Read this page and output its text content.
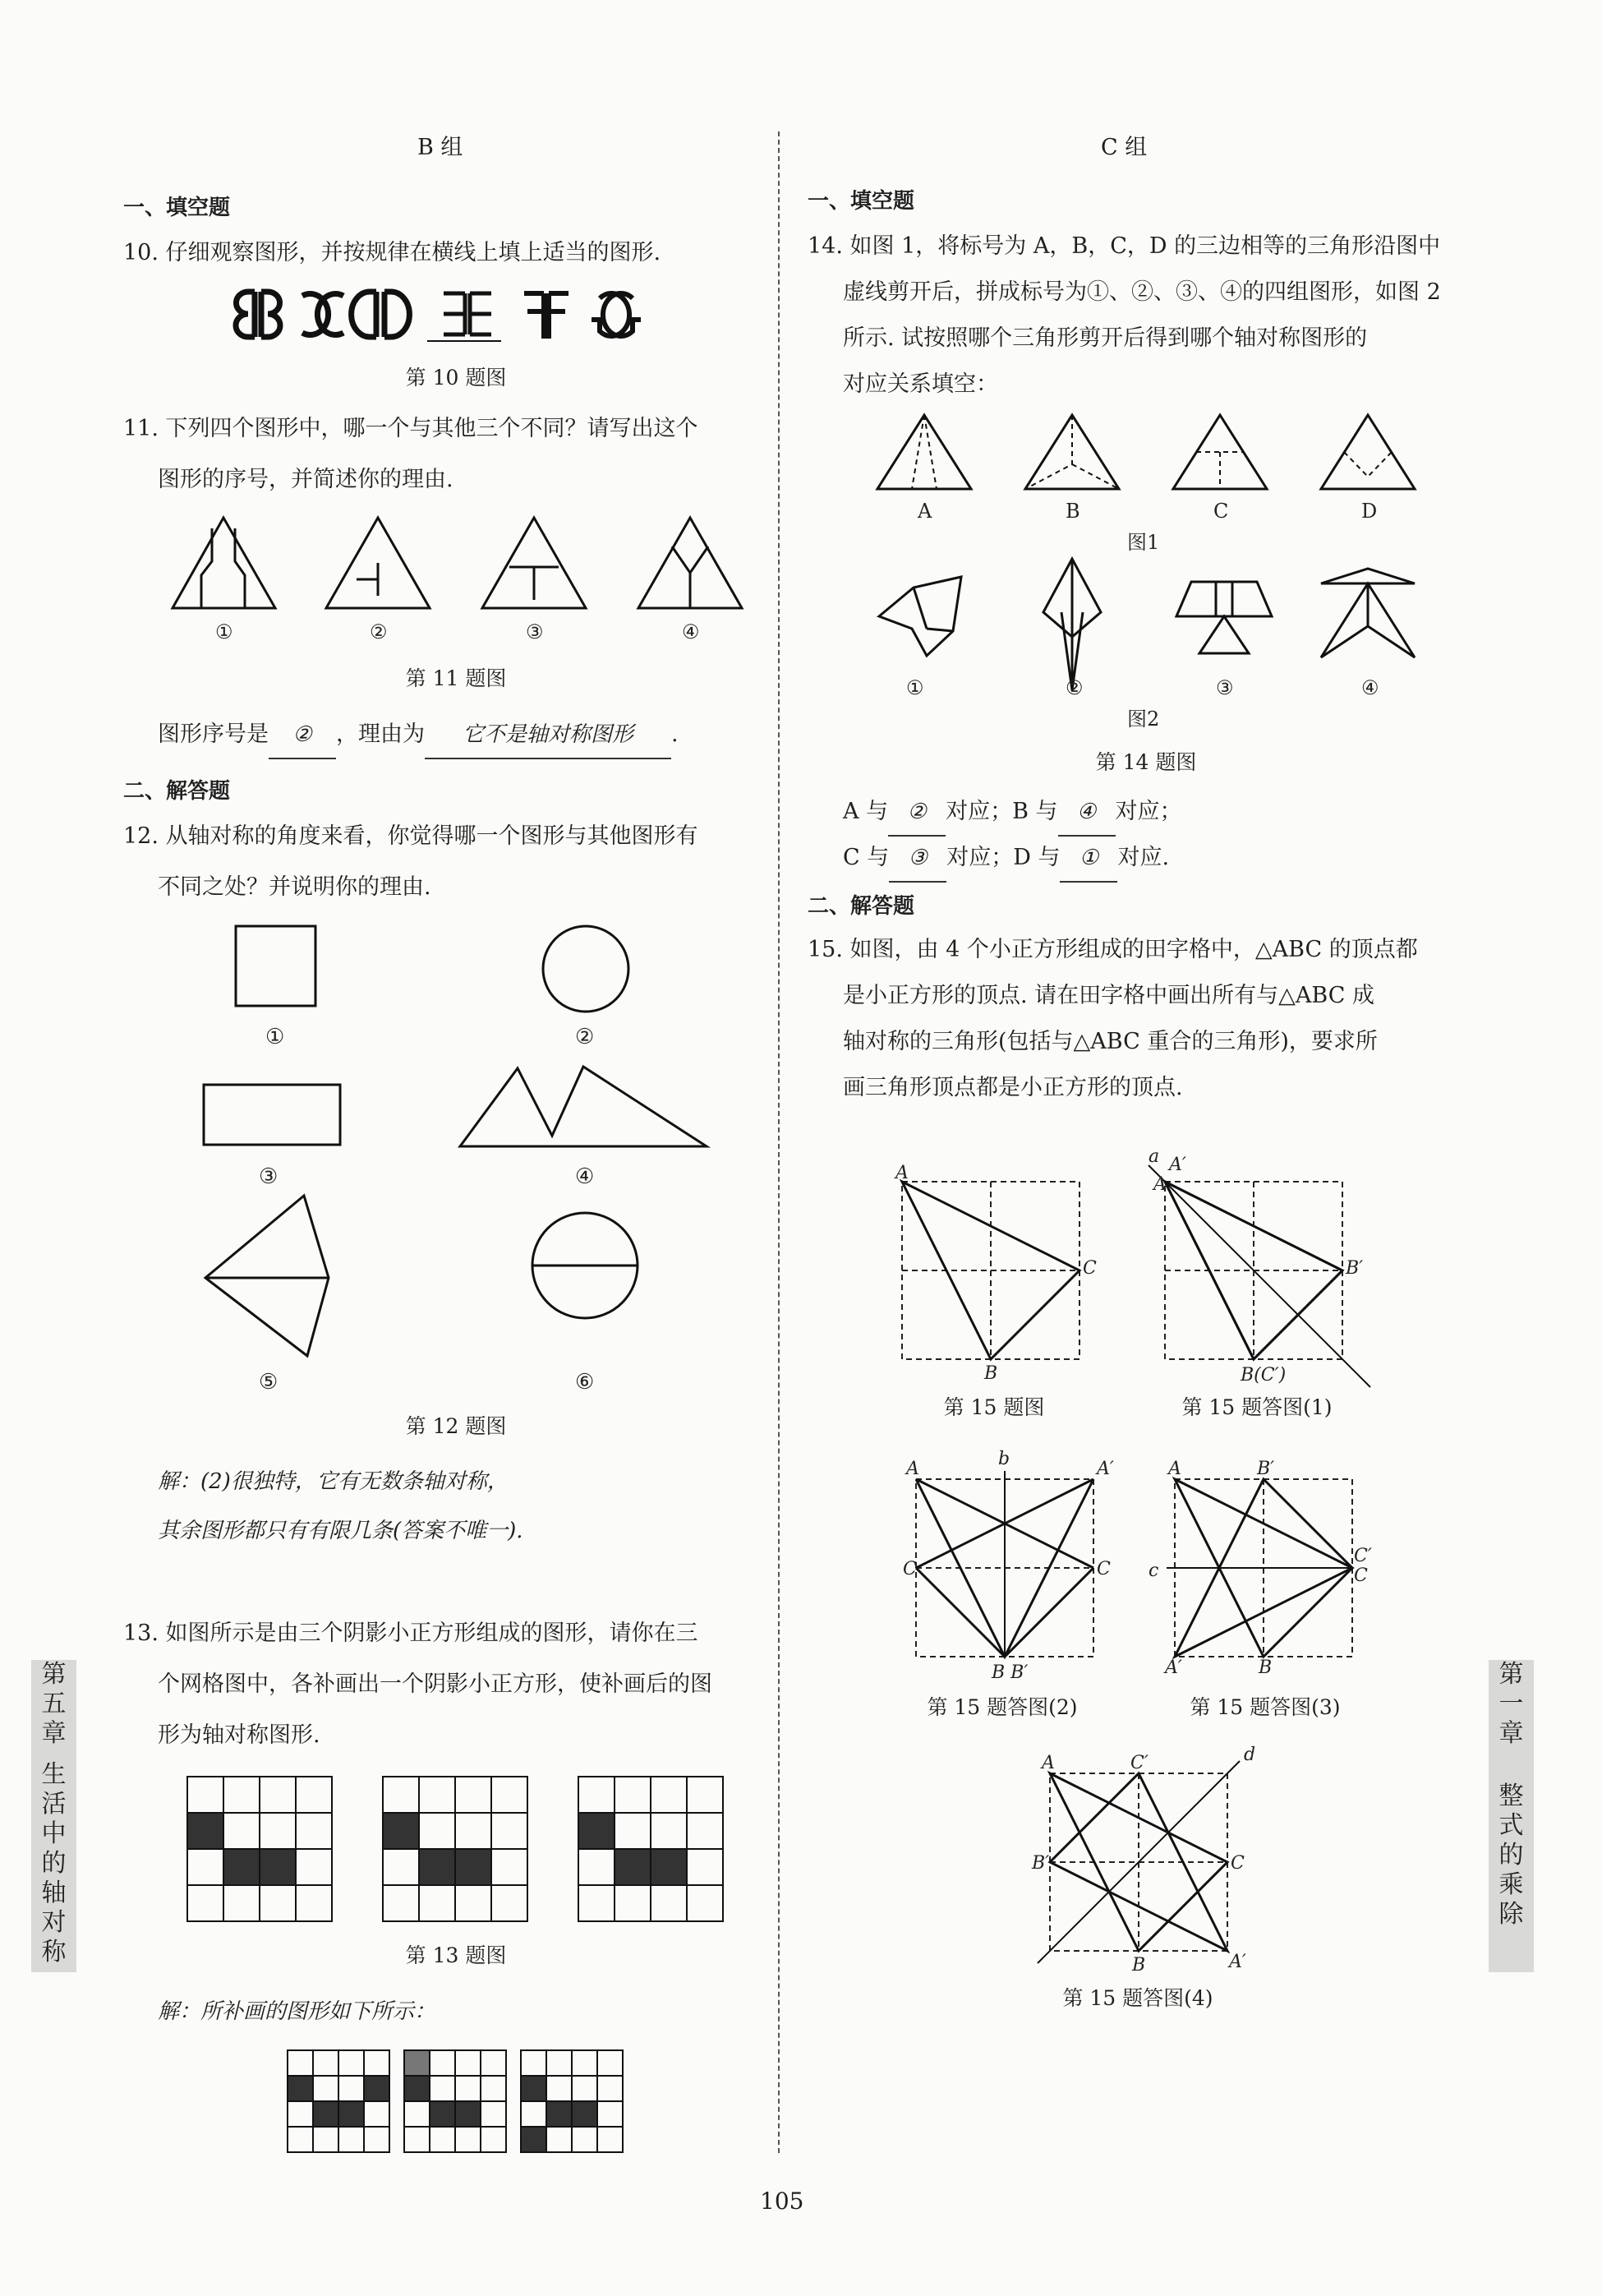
B 组
一、填空题
10. 仔细观察图形，并按规律在横线上填上适当的图形.
第 10 题图
11. 下列四个图形中，哪一个与其他三个不同？请写出这个
图形的序号，并简述你的理由.
①	②	③	④
第 11 题图
图形序号是 ② ，理由为 它不是轴对称图形 .
二、解答题
12. 从轴对称的角度来看，你觉得哪一个图形与其他图形有
不同之处？并说明你的理由.
①	②
③	④
⑤	⑥
第 12 题图
解：(2)很独特，它有无数条轴对称，
其余图形都只有有限几条(答案不唯一).
13. 如图所示是由三个阴影小正方形组成的图形，请你在三
个网格图中，各补画出一个阴影小正方形，使补画后的图
形为轴对称图形.
第 13 题图
解：所补画的图形如下所示：
C 组
一、填空题
14. 如图 1，将标号为 A，B，C，D 的三边相等的三角形沿图中
虚线剪开后，拼成标号为①、②、③、④的四组图形，如图 2
所示. 试按照哪个三角形剪开后得到哪个轴对称图形的
对应关系填空：
A	B	C	D
图1
①	②	③	④
图2
第 14 题图
A 与 ② 对应；B 与 ④ 对应；
C 与 ③ 对应；D 与 ① 对应.
二、解答题
15. 如图，由 4 个小正方形组成的田字格中，△ABC 的顶点都
是小正方形的顶点. 请在田字格中画出所有与△ABC 成
轴对称的三角形(包括与△ABC 重合的三角形)，要求所
画三角形顶点都是小正方形的顶点.
A
C
B
a A′
A
B′
B(C′)
b
A	A′
C	C
B B′
A	B′
c
C′
C
A′	B
A	C′	d
B′	C
B	A′
第 15 题图	第 15 题答图(1)
第 15 题答图(2)	第 15 题答图(3)
第 15 题答图(4)
第
五
章
生
活
中
的
轴
对
称
第
一
章
整
式
的
乘
除
105
